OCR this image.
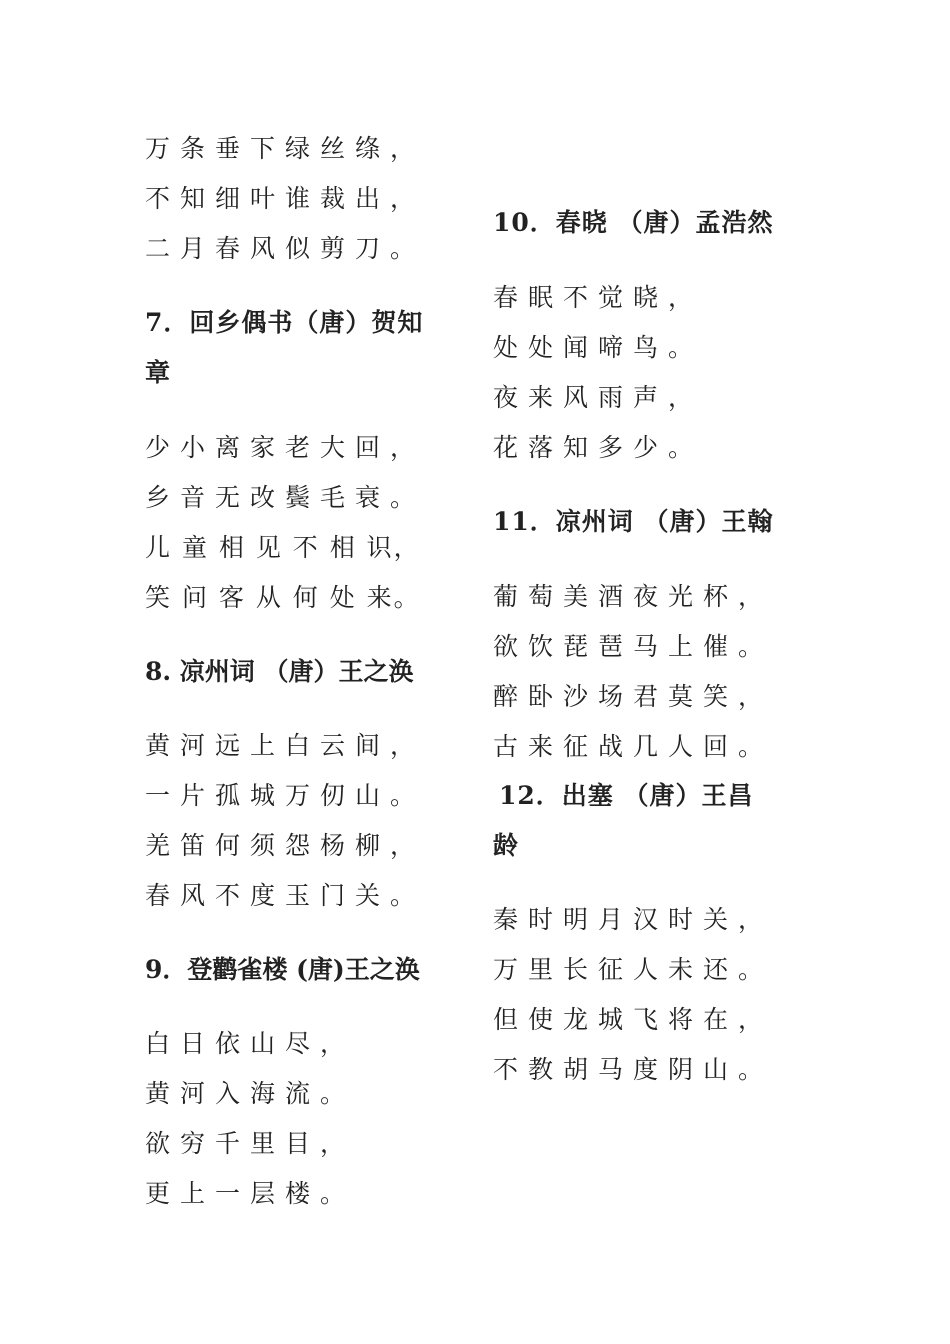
万条垂下绿丝绦，
不知细叶谁裁出，
二月春风似剪刀。
7．回乡偶书（唐）贺知
章
少小离家老大回，
乡音无改鬓毛衰。
儿 童 相 见 不 相 识，
笑 问 客 从 何 处 来。
8. 凉州词 （唐）王之涣
黄河远上白云间，
一片孤城万仞山。
羌笛何须怨杨柳，
春风不度玉门关。
9．登鹳雀楼 (唐)王之涣
白日依山尽，
黄河入海流。
欲穷千里目，
更上一层楼。
10．春晓 （唐）孟浩然
春眠不觉晓，
处处闻啼鸟。
夜来风雨声，
花落知多少。
11．凉州词 （唐）王翰
葡萄美酒夜光杯，
欲饮琵琶马上催。
醉卧沙场君莫笑，
古来征战几人回。
12．出塞 （唐）王昌
龄
秦时明月汉时关，
万里长征人未还。
但使龙城飞将在，
不教胡马度阴山。
